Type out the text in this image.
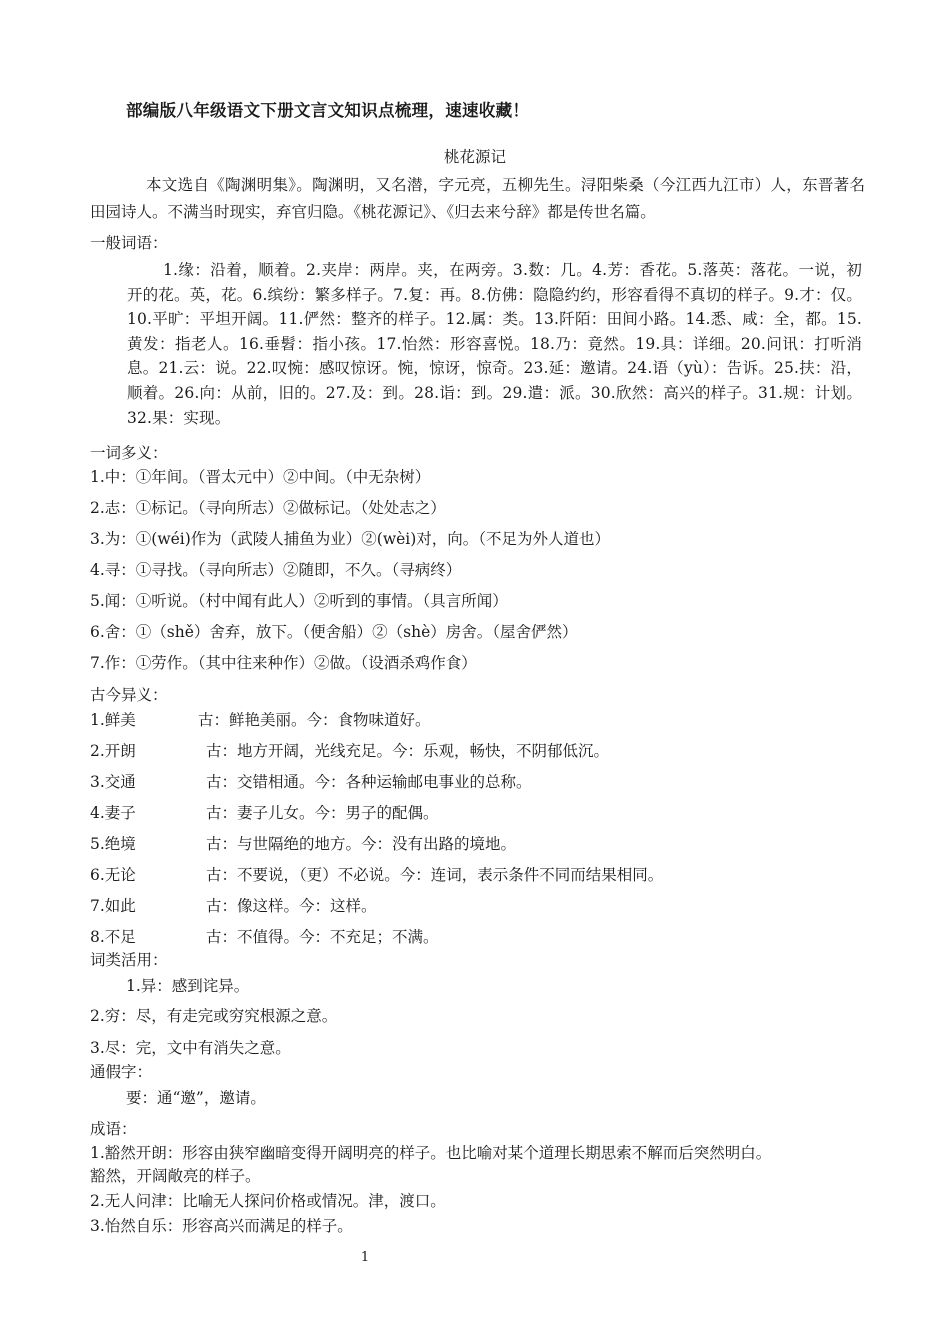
部编版八年级语文下册文言文知识点梳理，速速收藏！
桃花源记
本文选自《陶渊明集》。陶渊明，又名潜，字元亮，五柳先生。浔阳柴桑（今江西九江市）人，东晋著名田园诗人。不满当时现实，弃官归隐。《桃花源记》、《归去来兮辞》都是传世名篇。
一般词语：
1.缘：沿着，顺着。2.夹岸：两岸。夹，在两旁。3.数：几。4.芳：香花。5.落英：落花。一说，初开的花。英，花。6.缤纷：繁多样子。7.复：再。8.仿佛：隐隐约约，形容看得不真切的样子。9.才：仅。10.平旷：平坦开阔。11.俨然：整齐的样子。12.属：类。13.阡陌：田间小路。14.悉、咸：全，都。15.黄发：指老人。16.垂髫：指小孩。17.怡然：形容喜悦。18.乃：竟然。19.具：详细。20.问讯：打听消息。21.云：说。22.叹惋：感叹惊讶。惋，惊讶，惊奇。23.延：邀请。24.语（yù）：告诉。25.扶：沿，顺着。26.向：从前，旧的。27.及：到。28.诣：到。29.遣：派。30.欣然：高兴的样子。31.规：计划。32.果：实现。
一词多义：
1.中：①年间。（晋太元中）②中间。（中无杂树）
2.志：①标记。（寻向所志）②做标记。（处处志之）
3.为：①(wéi)作为（武陵人捕鱼为业）②(wèi)对，向。（不足为外人道也）
4.寻：①寻找。（寻向所志）②随即，不久。（寻病终）
5.闻：①听说。（村中闻有此人）②听到的事情。（具言所闻）
6.舍：①（shě）舍弃，放下。（便舍船）②（shè）房舍。（屋舍俨然）
7.作：①劳作。（其中往来种作）②做。（设酒杀鸡作食）
古今异义：
1.鲜美	古：鲜艳美丽。今：食物味道好。
2.开朗	古：地方开阔，光线充足。今：乐观，畅快，不阴郁低沉。
3.交通	古：交错相通。今：各种运输邮电事业的总称。
4.妻子	古：妻子儿女。今：男子的配偶。
5.绝境	古：与世隔绝的地方。今：没有出路的境地。
6.无论	古：不要说，（更）不必说。今：连词，表示条件不同而结果相同。
7.如此	古：像这样。今：这样。
8.不足	古：不值得。今：不充足；不满。
词类活用：
1.异：感到诧异。
2.穷：尽，有走完或穷究根源之意。
3.尽：完，文中有消失之意。
通假字：
要：通“邀”，邀请。
成语：
1.豁然开朗：形容由狭窄幽暗变得开阔明亮的样子。也比喻对某个道理长期思索不解而后突然明白。
豁然，开阔敞亮的样子。
2.无人问津：比喻无人探问价格或情况。津，渡口。
3.怡然自乐：形容高兴而满足的样子。
1
